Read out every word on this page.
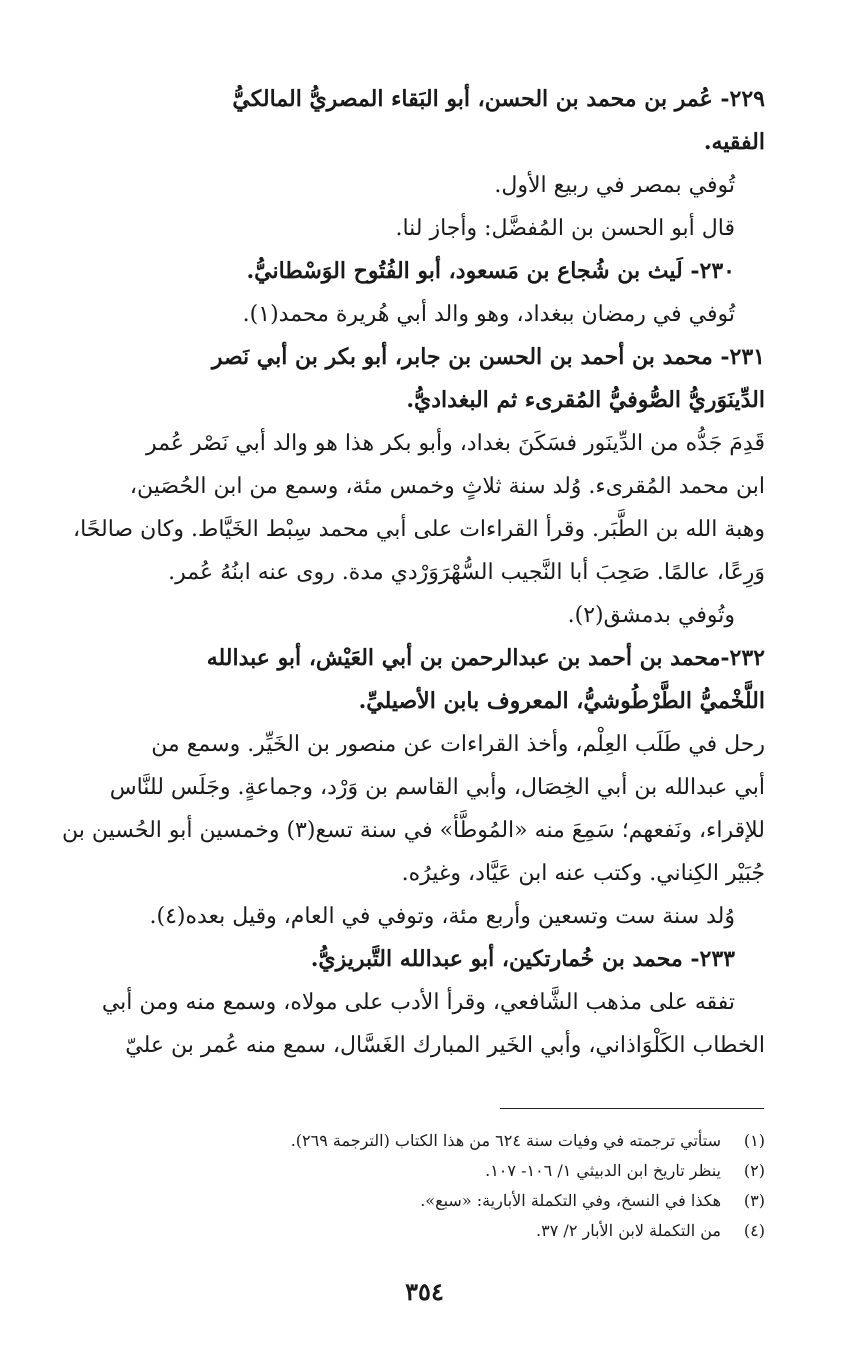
٢٢٩- عُمر بن محمد بن الحسن، أبو البَقاء المصريُّ المالكيُّ
الفقيه.
تُوفي بمصر في ربيع الأول.
قال أبو الحسن بن المُفضَّل: وأجاز لنا.
٢٣٠- لَيث بن شُجاع بن مَسعود، أبو الفُتُوح الوَسْطانيُّ.
تُوفي في رمضان ببغداد، وهو والد أبي هُريرة محمد(١).
٢٣١- محمد بن أحمد بن الحسن بن جابر، أبو بكر بن أبي نَصر
الدِّينَوَريُّ الصُّوفيُّ المُقرىء ثم البغداديُّ.
قَدِمَ جَدُّه من الدِّينَور فسَكَنَ بغداد، وأبو بكر هذا هو والد أبي نَصْر عُمر
ابن محمد المُقرىء. وُلد سنة ثلاثٍ وخمس مئة، وسمع من ابن الحُصَين،
وهبة الله بن الطَّبَر. وقرأ القراءات على أبي محمد سِبْط الخَيَّاط. وكان صالحًا،
وَرِعًا، عالمًا. صَحِبَ أبا النَّجيب السُّهْرَوَرْدي مدة. روى عنه ابنُهُ عُمر.
وتُوفي بدمشق(٢).
٢٣٢-محمد بن أحمد بن عبدالرحمن بن أبي العَيْش، أبو عبدالله
اللَّخْميُّ الطَّرْطُوشيُّ، المعروف بابن الأصيليِّ.
رحل في طَلَب العِلْم، وأخذ القراءات عن منصور بن الخَيِّر. وسمع من
أبي عبدالله بن أبي الخِصَال، وأبي القاسم بن وَرْد، وجماعةٍ. وجَلَس للنَّاس
للإقراء، ونَفعهم؛ سَمِعَ منه «المُوطَّأ» في سنة تسع(٣) وخمسين أبو الحُسين بن
جُبَيْر الكِناني. وكتب عنه ابن عَيَّاد، وغيرُه.
وُلد سنة ست وتسعين وأربع مئة، وتوفي في العام، وقيل بعده(٤).
٢٣٣- محمد بن خُمارتكين، أبو عبدالله التَّبريزيُّ.
تفقه على مذهب الشَّافعي، وقرأ الأدب على مولاه، وسمع منه ومن أبي
الخطاب الكَلْوَاذاني، وأبي الخَير المبارك الغَسَّال، سمع منه عُمر بن عليّ
(١)ستأتي ترجمته في وفيات سنة ٦٢٤ من هذا الكتاب (الترجمة ٢٦٩).
(٢)ينظر تاريخ ابن الدبيثي ١/ ١٠٦- ١٠٧.
(٣)هكذا في النسخ، وفي التكملة الأبارية: «سبع».
(٤)من التكملة لابن الأبار ٢/ ٣٧.
٣٥٤
